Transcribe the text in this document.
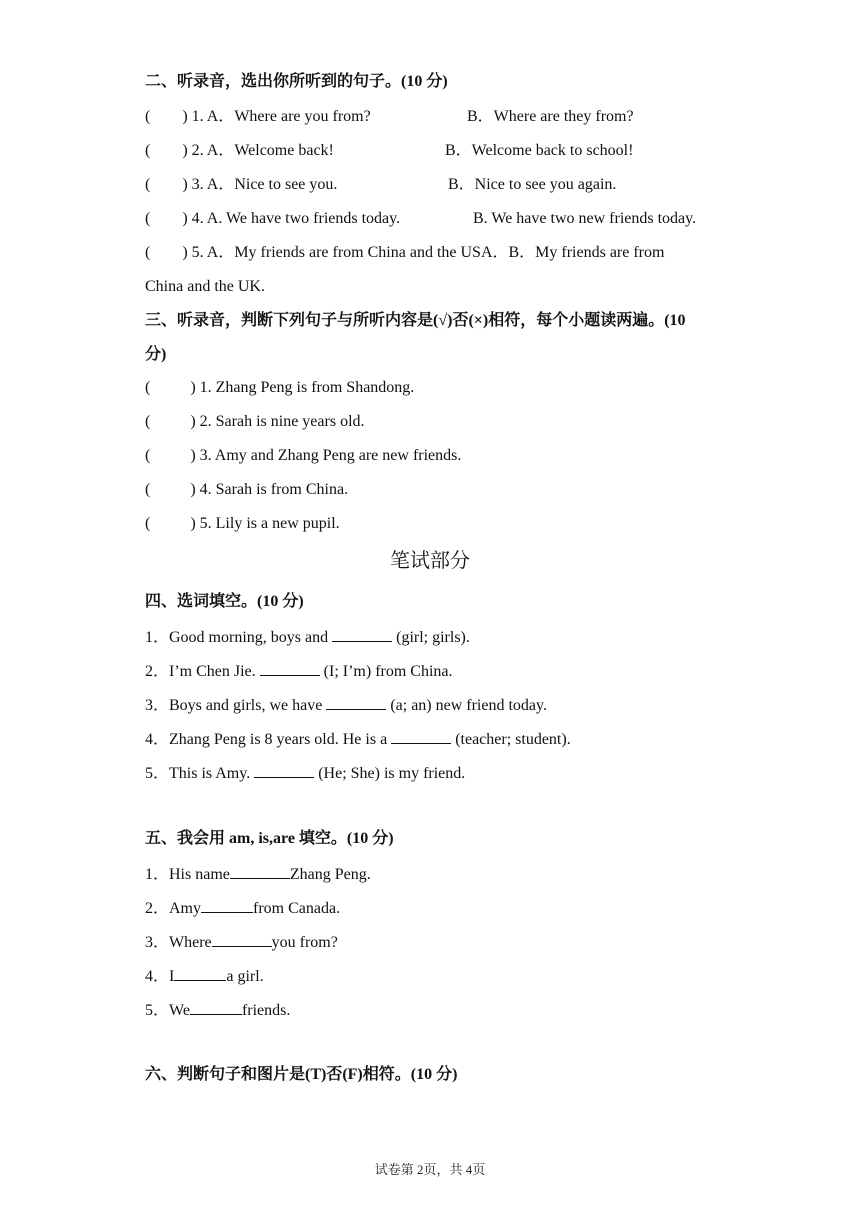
二、听录音，选出你所听到的句子。(10 分)
(        ) 1. A．Where are you from?	B．Where are they from?
(        ) 2. A．Welcome back!	B．Welcome back to school!
(        ) 3. A．Nice to see you.	B．Nice to see you again.
(        ) 4. A. We have two friends today.	B. We have two new friends today.
(        ) 5. A．My friends are from China and the USA．B．My friends are from
China and the UK.
三、听录音，判断下列句子与所听内容是(√)否(×)相符，每个小题读两遍。(10
分)
(          ) 1. Zhang Peng is from Shandong.
(          ) 2. Sarah is nine years old.
(          ) 3. Amy and Zhang Peng are new friends.
(          ) 4. Sarah is from China.
(          ) 5. Lily is a new pupil.
笔试部分
四、选词填空。(10 分)
1．Good morning, boys and	(girl; girls).
2．I’m Chen Jie.	(I; I’m) from China.
3．Boys and girls, we have	(a; an) new friend today.
4．Zhang Peng is 8 years old. He is a	(teacher; student).
5．This is Amy.	(He; She) is my friend.
五、我会用 am, is,are 填空。(10 分)
1．His name	Zhang Peng.
2．Amy	from Canada.
3．Where	you from?
4．I	a girl.
5．We	friends.
六、判断句子和图片是(T)否(F)相符。(10 分)
试卷第 2页，共 4页
